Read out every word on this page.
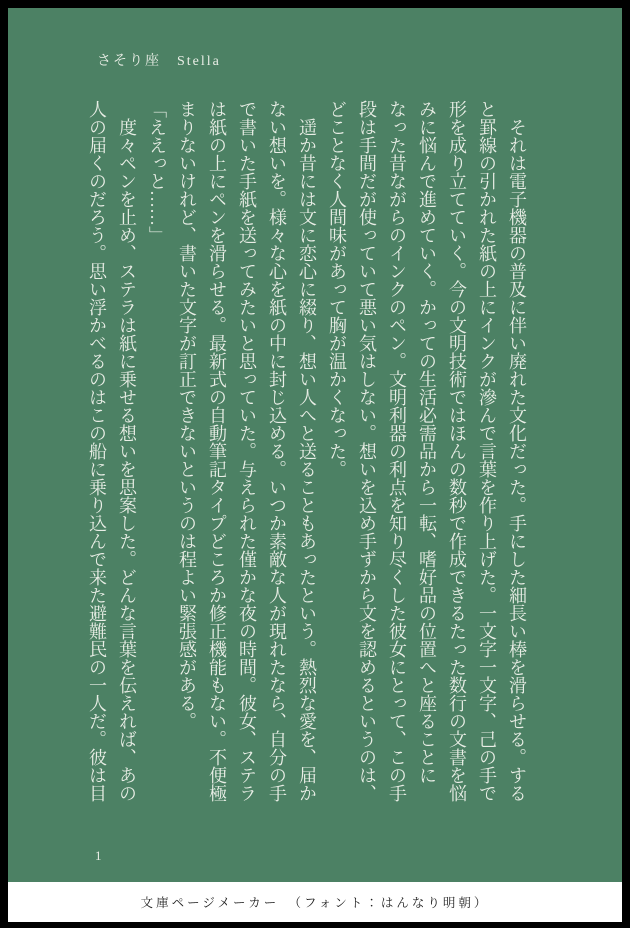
さそり座　Stella
　それは電子機器の普及に伴い廃れた文化だった。手にした細長い棒を滑らせる。する
と罫線の引かれた紙の上にインクが滲んで言葉を作り上げた。一文字一文字、己の手で
形を成り立てていく。今の文明技術ではほんの数秒で作成できるたった数行の文書を悩
みに悩んで進めていく。かっての生活必需品から一転、嗜好品の位置へと座ることに
なった昔ながらのインクのペン。文明利器の利点を知り尽くした彼女にとって、この手
段は手間だが使っていて悪い気はしない。想いを込め手ずから文を認めるというのは、
どことなく人間味があって胸が温かくなった。
　遥か昔には文に恋心に綴り、想い人へと送ることもあったという。熱烈な愛を、届か
ない想いを。様々な心を紙の中に封じ込める。いつか素敵な人が現れたなら、自分の手
で書いた手紙を送ってみたいと思っていた。与えられた僅かな夜の時間。彼女、ステラ
は紙の上にペンを滑らせる。最新式の自動筆記タイプどころか修正機能もない。不便極
まりないけれど、書いた文字が訂正できないというのは程よい緊張感がある。
「ええっと……」
　度々ペンを止め、ステラは紙に乗せる想いを思案した。どんな言葉を伝えれば、あの
人の届くのだろう。思い浮かべるのはこの船に乗り込んで来た避難民の一人だ。彼は目
1
文庫ページメーカー　（フォント：はんなり明朝）
